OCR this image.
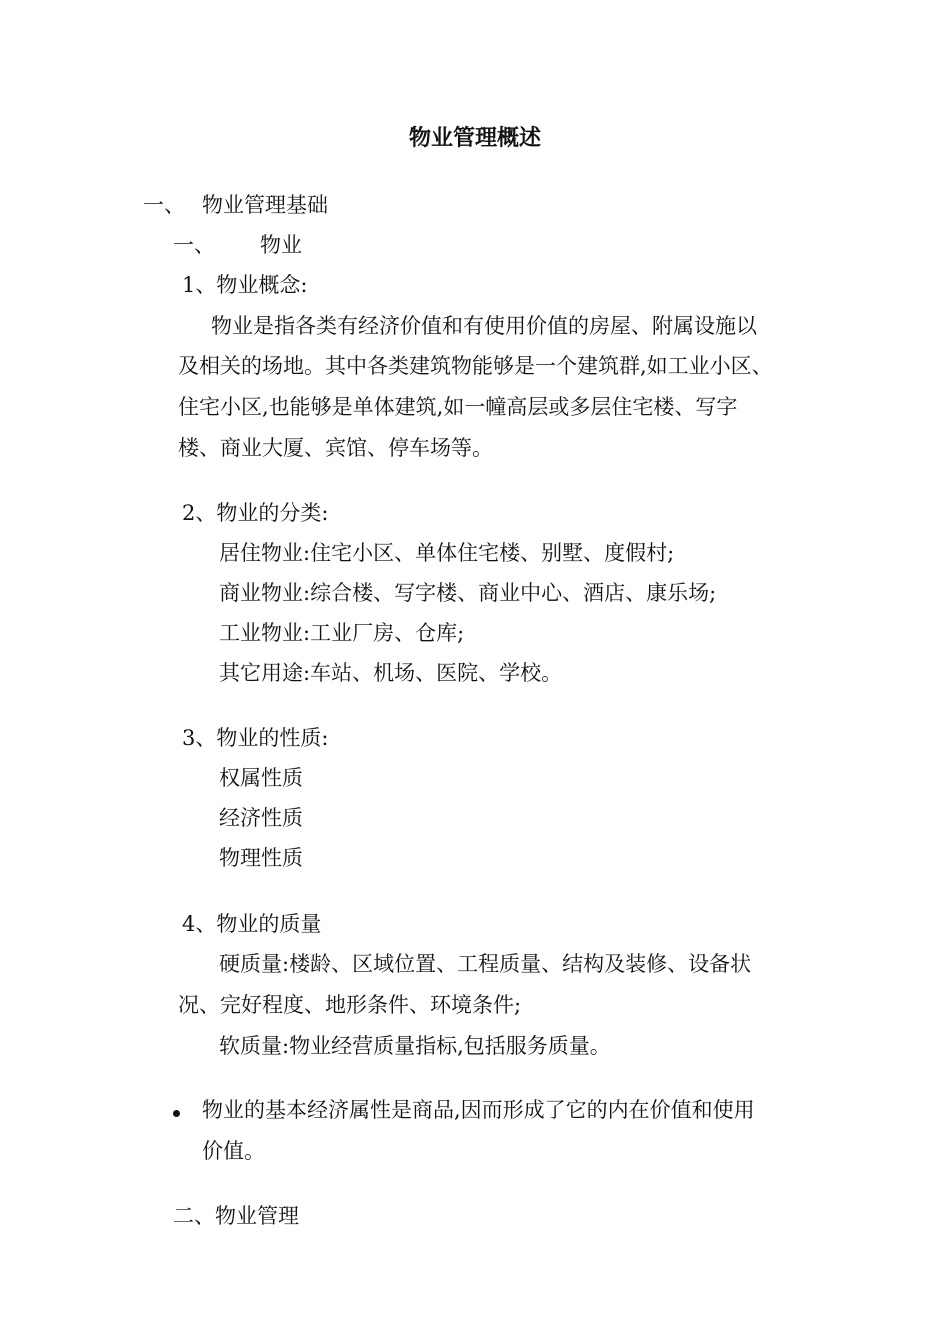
物业管理概述
一、 物业管理基础
一、 物业
1、物业概念:
物业是指各类有经济价值和有使用价值的房屋、附属设施以
及相关的场地。其中各类建筑物能够是一个建筑群,如工业小区、
住宅小区,也能够是单体建筑,如一幢高层或多层住宅楼、写字
楼、商业大厦、宾馆、停车场等。
2、物业的分类:
居住物业:住宅小区、单体住宅楼、别墅、度假村;
商业物业:综合楼、写字楼、商业中心、酒店、康乐场;
工业物业:工业厂房、仓库;
其它用途:车站、机场、医院、学校。
3、物业的性质:
权属性质
经济性质
物理性质
4、物业的质量
硬质量:楼龄、区域位置、工程质量、结构及装修、设备状
况、完好程度、地形条件、环境条件;
软质量:物业经营质量指标,包括服务质量。
物业的基本经济属性是商品,因而形成了它的内在价值和使用
价值。
二、物业管理
